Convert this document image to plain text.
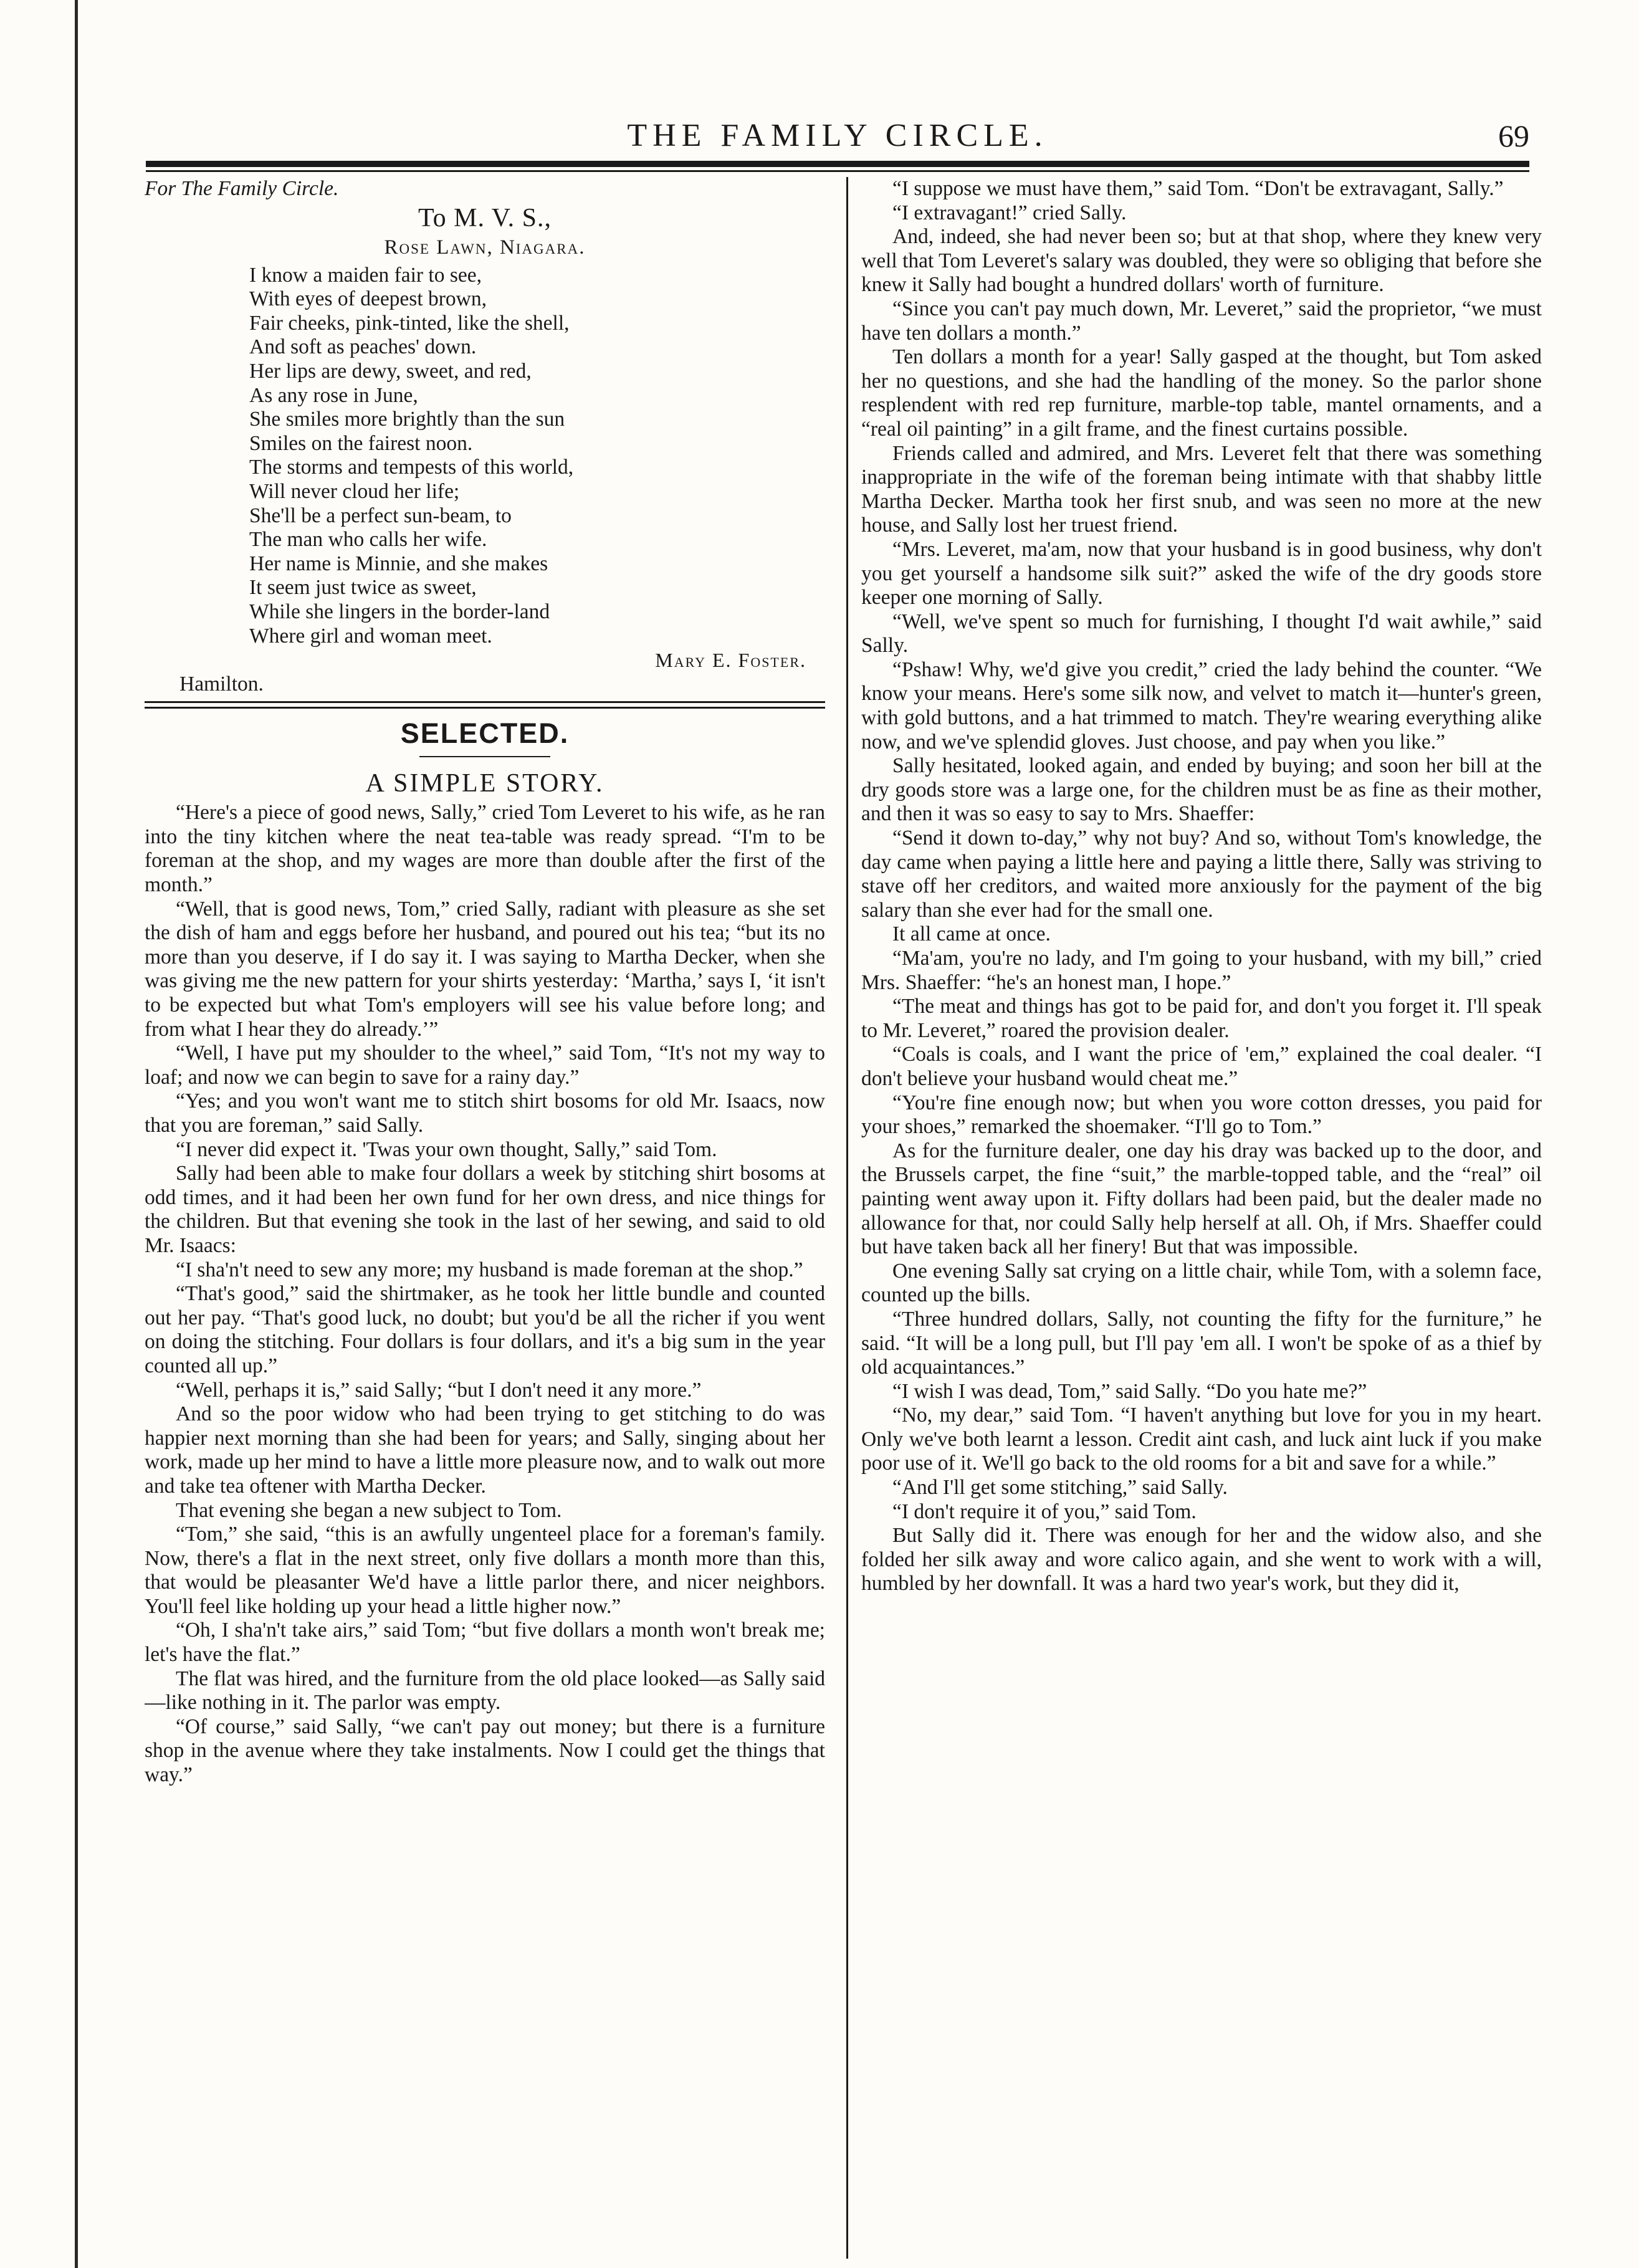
THE FAMILY CIRCLE.	69

For The Family Circle.

To M. V. S.,
Rose Lawn, Niagara.
I know a maiden fair to see,
With eyes of deepest brown,
Fair cheeks, pink-tinted, like the shell,
And soft as peaches' down.
Her lips are dewy, sweet, and red,
As any rose in June,
She smiles more brightly than the sun
Smiles on the fairest noon.
The storms and tempests of this world,
Will never cloud her life;
She'll be a perfect sun-beam, to
The man who calls her wife.
Her name is Minnie, and she makes
It seem just twice as sweet,
While she lingers in the border-land
Where girl and woman meet.
Mary E. Foster.
Hamilton.
SELECTED.
A SIMPLE STORY.

“Here's a piece of good news, Sally,” cried Tom Leveret to his wife, as he ran into the tiny kitchen where the neat tea-table was ready spread. “I'm to be foreman at the shop, and my wages are more than double after the first of the month.”

“Well, that is good news, Tom,” cried Sally, radiant with pleasure as she set the dish of ham and eggs before her husband, and poured out his tea; “but its no more than you deserve, if I do say it. I was saying to Martha Decker, when she was giving me the new pattern for your shirts yesterday: ‘Martha,’ says I, ‘it isn't to be expected but what Tom's employers will see his value before long; and from what I hear they do already.’”

“Well, I have put my shoulder to the wheel,” said Tom, “It's not my way to loaf; and now we can begin to save for a rainy day.”

“Yes; and you won't want me to stitch shirt bosoms for old Mr. Isaacs, now that you are foreman,” said Sally.

“I never did expect it. 'Twas your own thought, Sally,” said Tom.

Sally had been able to make four dollars a week by stitching shirt bosoms at odd times, and it had been her own fund for her own dress, and nice things for the children. But that evening she took in the last of her sewing, and said to old Mr. Isaacs:

“I sha'n't need to sew any more; my husband is made foreman at the shop.”

“That's good,” said the shirtmaker, as he took her little bundle and counted out her pay. “That's good luck, no doubt; but you'd be all the richer if you went on doing the stitching. Four dollars is four dollars, and it's a big sum in the year counted all up.”

“Well, perhaps it is,” said Sally; “but I don't need it any more.”

And so the poor widow who had been trying to get stitching to do was happier next morning than she had been for years; and Sally, singing about her work, made up her mind to have a little more pleasure now, and to walk out more and take tea oftener with Martha Decker.

That evening she began a new subject to Tom.

“Tom,” she said, “this is an awfully ungenteel place for a foreman's family. Now, there's a flat in the next street, only five dollars a month more than this, that would be pleasanter We'd have a little parlor there, and nicer neighbors. You'll feel like holding up your head a little higher now.”

“Oh, I sha'n't take airs,” said Tom; “but five dollars a month won't break me; let's have the flat.”

The flat was hired, and the furniture from the old place looked—as Sally said—like nothing in it. The parlor was empty.

“Of course,” said Sally, “we can't pay out money; but there is a furniture shop in the avenue where they take instalments. Now I could get the things that way.”

“I suppose we must have them,” said Tom. “Don't be extravagant, Sally.”

“I extravagant!” cried Sally.

And, indeed, she had never been so; but at that shop, where they knew very well that Tom Leveret's salary was doubled, they were so obliging that before she knew it Sally had bought a hundred dollars' worth of furniture.

“Since you can't pay much down, Mr. Leveret,” said the proprietor, “we must have ten dollars a month.”

Ten dollars a month for a year! Sally gasped at the thought, but Tom asked her no questions, and she had the handling of the money. So the parlor shone resplendent with red rep furniture, marble-top table, mantel ornaments, and a “real oil painting” in a gilt frame, and the finest curtains possible.

Friends called and admired, and Mrs. Leveret felt that there was something inappropriate in the wife of the foreman being intimate with that shabby little Martha Decker. Martha took her first snub, and was seen no more at the new house, and Sally lost her truest friend.

“Mrs. Leveret, ma'am, now that your husband is in good business, why don't you get yourself a handsome silk suit?” asked the wife of the dry goods store keeper one morning of Sally.

“Well, we've spent so much for furnishing, I thought I'd wait awhile,” said Sally.

“Pshaw! Why, we'd give you credit,” cried the lady behind the counter. “We know your means. Here's some silk now, and velvet to match it—hunter's green, with gold buttons, and a hat trimmed to match. They're wearing everything alike now, and we've splendid gloves. Just choose, and pay when you like.”

Sally hesitated, looked again, and ended by buying; and soon her bill at the dry goods store was a large one, for the children must be as fine as their mother, and then it was so easy to say to Mrs. Shaeffer:

“Send it down to-day,” why not buy? And so, without Tom's knowledge, the day came when paying a little here and paying a little there, Sally was striving to stave off her creditors, and waited more anxiously for the payment of the big salary than she ever had for the small one.

It all came at once.

“Ma'am, you're no lady, and I'm going to your husband, with my bill,” cried Mrs. Shaeffer: “he's an honest man, I hope.”

“The meat and things has got to be paid for, and don't you forget it. I'll speak to Mr. Leveret,” roared the provision dealer.

“Coals is coals, and I want the price of 'em,” explained the coal dealer. “I don't believe your husband would cheat me.”

“You're fine enough now; but when you wore cotton dresses, you paid for your shoes,” remarked the shoemaker. “I'll go to Tom.”

As for the furniture dealer, one day his dray was backed up to the door, and the Brussels carpet, the fine “suit,” the marble-topped table, and the “real” oil painting went away upon it. Fifty dollars had been paid, but the dealer made no allowance for that, nor could Sally help herself at all. Oh, if Mrs. Shaeffer could but have taken back all her finery! But that was impossible.

One evening Sally sat crying on a little chair, while Tom, with a solemn face, counted up the bills.

“Three hundred dollars, Sally, not counting the fifty for the furniture,” he said. “It will be a long pull, but I'll pay 'em all. I won't be spoke of as a thief by old acquaintances.”

“I wish I was dead, Tom,” said Sally. “Do you hate me?”

“No, my dear,” said Tom. “I haven't anything but love for you in my heart. Only we've both learnt a lesson. Credit aint cash, and luck aint luck if you make poor use of it. We'll go back to the old rooms for a bit and save for a while.”

“And I'll get some stitching,” said Sally.

“I don't require it of you,” said Tom.

But Sally did it. There was enough for her and the widow also, and she folded her silk away and wore calico again, and she went to work with a will, humbled by her downfall. It was a hard two year's work, but they did it,
